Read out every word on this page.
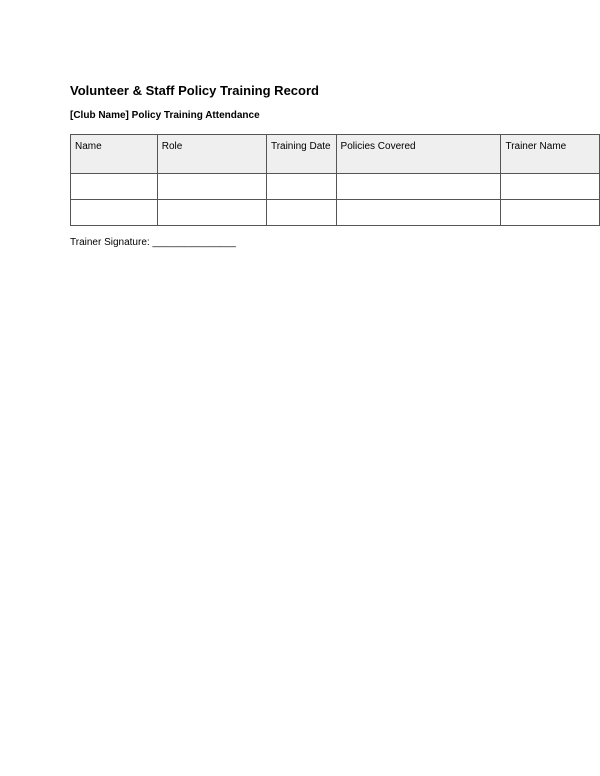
Volunteer & Staff Policy Training Record
[Club Name] Policy Training Attendance
Name	Role	Training Date	Policies Covered	Trainer Name

Trainer Signature: _______________
